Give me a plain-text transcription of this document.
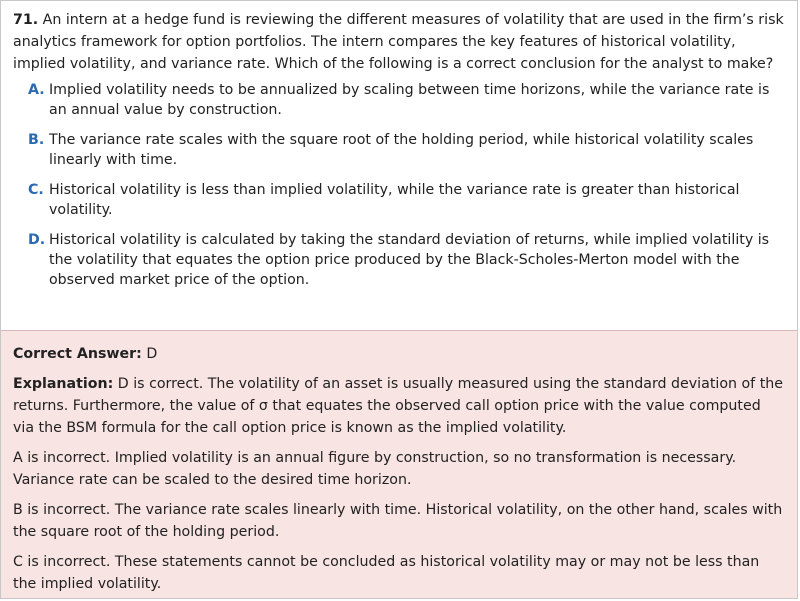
71. An intern at a hedge fund is reviewing the different measures of volatility that are used in the firm’s risk analytics framework for option portfolios. The intern compares the key features of historical volatility, implied volatility, and variance rate. Which of the following is a correct conclusion for the analyst to make?

A. Implied volatility needs to be annualized by scaling between time horizons, while the variance rate is an annual value by construction.
B. The variance rate scales with the square root of the holding period, while historical volatility scales linearly with time.
C. Historical volatility is less than implied volatility, while the variance rate is greater than historical volatility.
D. Historical volatility is calculated by taking the standard deviation of returns, while implied volatility is the volatility that equates the option price produced by the Black-Scholes-Merton model with the observed market price of the option.

Correct Answer: D

Explanation: D is correct. The volatility of an asset is usually measured using the standard deviation of the returns. Furthermore, the value of σ that equates the observed call option price with the value computed via the BSM formula for the call option price is known as the implied volatility.

A is incorrect. Implied volatility is an annual figure by construction, so no transformation is necessary. Variance rate can be scaled to the desired time horizon.

B is incorrect. The variance rate scales linearly with time. Historical volatility, on the other hand, scales with the square root of the holding period.

C is incorrect. These statements cannot be concluded as historical volatility may or may not be less than the implied volatility.
